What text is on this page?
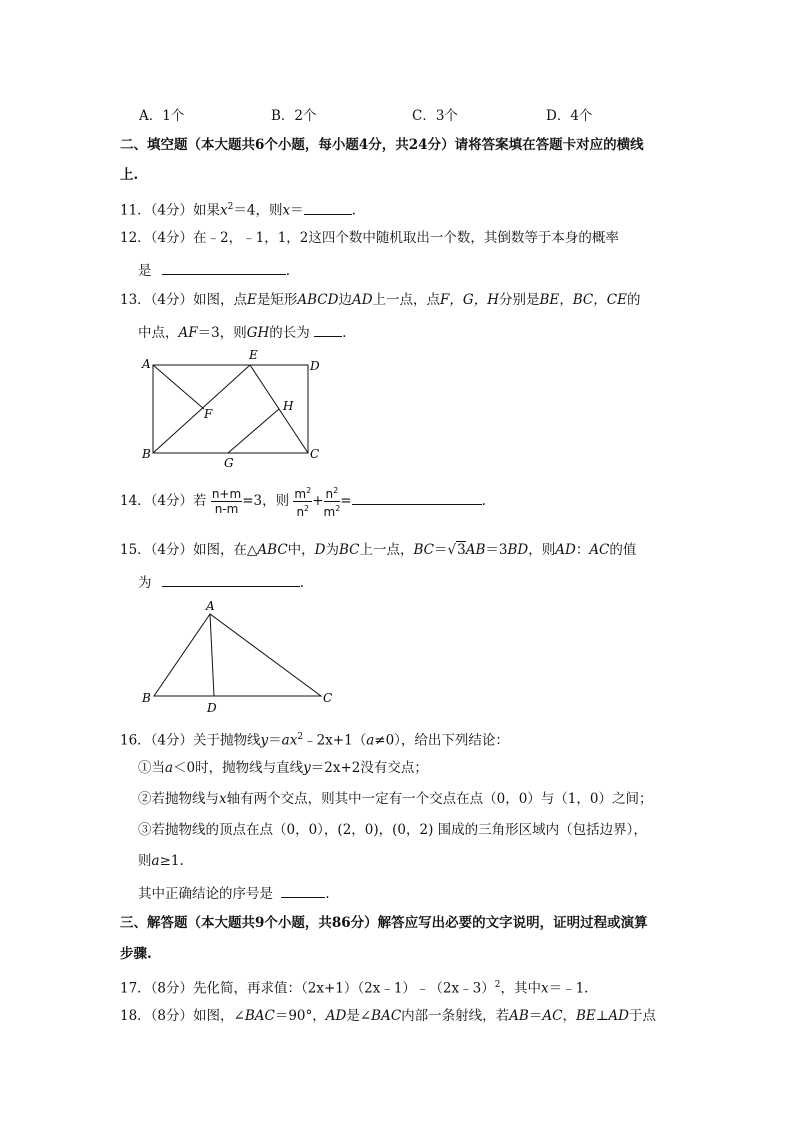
A．1个	B．2个	C．3个	D．4个
二、填空题（本大题共6个小题，每小题4分，共24分）请将答案填在答题卡对应的横线
上.
11．（4分）如果$x^2=4$，则x＝	.
12．（4分）在﹣2，﹣1，1，2这四个数中随机取出一个数，其倒数等于本身的概率
是	.
13．（4分）如图，点E是矩形ABCD边AD上一点，点F，G，H分别是BE，BC，CE的
中点，AF＝3，则GH的长为 .
A
B	C
D
E
F
G
H
14．（4分）若 $\frac{n+m}{n-m} =3$，则 $\frac{m^2}{n^2} + \frac{n^2}{m^2}$ =	.
15．（4分）如图，在△ABC中，D为BC上一点，BC＝√3AB＝3BD，则AD：AC的值
为	.
A
B	C
D
16．（4分）关于抛物线$y=ax^2﹣2x+1(a\ne 0)$，给出下列结论：
①当a＜0时，抛物线与直线y＝2x+2没有交点；
②若抛物线与x轴有两个交点，则其中一定有一个交点在点（0，0）与（1，0）之间；
③若抛物线的顶点在点（0，0），(2，0)，(0，2) 围成的三角形区域内（包括边界），
则a≥1.
其中正确结论的序号是	.
三、解答题（本大题共9个小题，共86分）解答应写出必要的文字说明，证明过程或演算
步骤.
17．（8分）先化简，再求值：（2x+1）（2x﹣1）﹣（2x﹣3）$^2$，其中x＝﹣1.
18．（8分）如图，∠BAC＝90°，AD是∠BAC内部一条射线，若AB＝AC，BE⊥AD于点
